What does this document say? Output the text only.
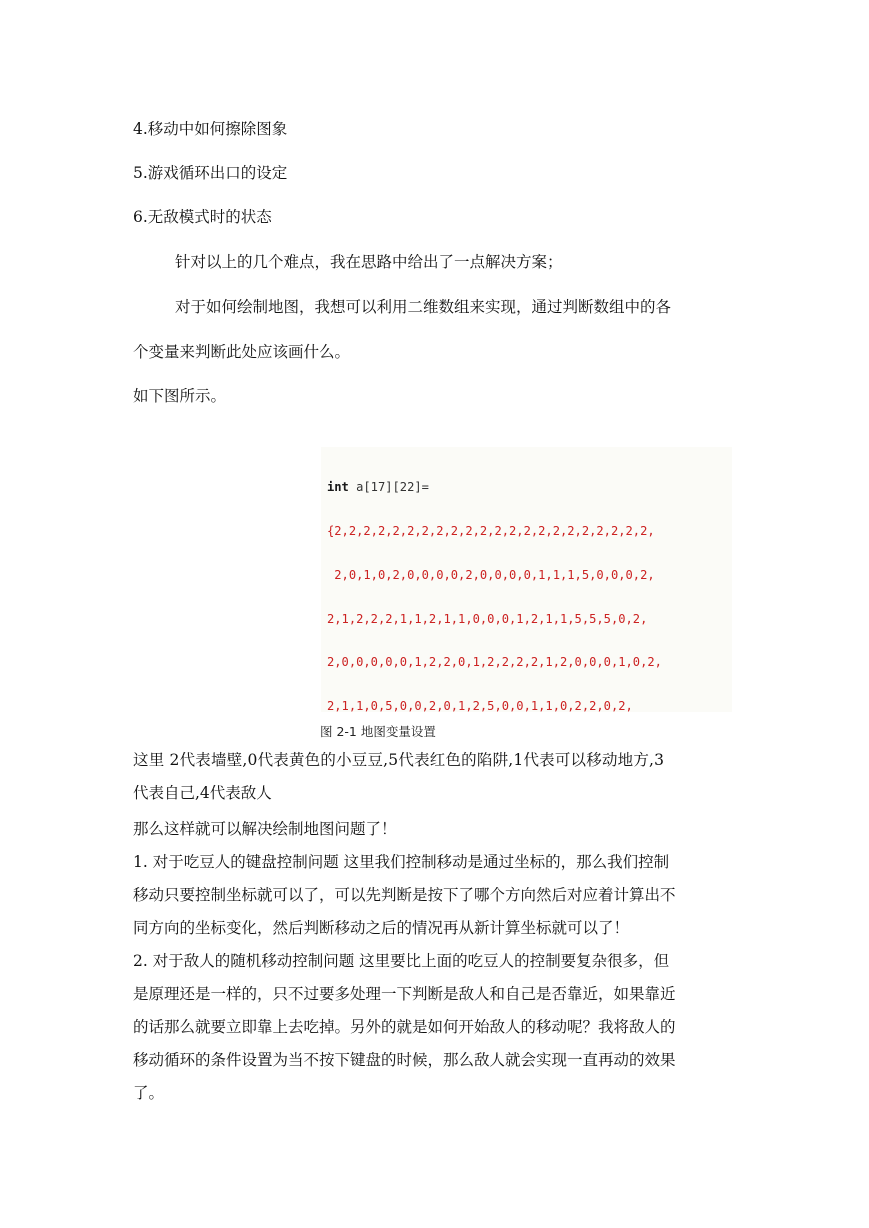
4.移动中如何擦除图象
5.游戏循环出口的设定
6.无敌模式时的状态
针对以上的几个难点，我在思路中给出了一点解决方案；
对于如何绘制地图，我想可以利用二维数组来实现，通过判断数组中的各
个变量来判断此处应该画什么。
如下图所示。

int a[17][22]=

{2,2,2,2,2,2,2,2,2,2,2,2,2,2,2,2,2,2,2,2,2,2,

2,0,1,0,2,0,0,0,0,2,0,0,0,0,1,1,1,5,0,0,0,2,

2,1,2,2,2,1,1,2,1,1,0,0,0,1,2,1,1,5,5,5,0,2,

2,0,0,0,0,0,1,2,2,0,1,2,2,2,2,1,2,0,0,0,1,0,2,

2,1,1,0,5,0,0,2,0,1,2,5,0,0,1,1,0,2,2,0,2,

图 2-1 地图变量设置
这里 2代表墙壁,0代表黄色的小豆豆,5代表红色的陷阱,1代表可以移动地方,3
代表自己,4代表敌人
那么这样就可以解决绘制地图问题了！
1. 对于吃豆人的键盘控制问题 这里我们控制移动是通过坐标的，那么我们控制
移动只要控制坐标就可以了，可以先判断是按下了哪个方向然后对应着计算出不
同方向的坐标变化，然后判断移动之后的情况再从新计算坐标就可以了！
2. 对于敌人的随机移动控制问题 这里要比上面的吃豆人的控制要复杂很多，但
是原理还是一样的，只不过要多处理一下判断是敌人和自己是否靠近，如果靠近
的话那么就要立即靠上去吃掉。另外的就是如何开始敌人的移动呢？我将敌人的
移动循环的条件设置为当不按下键盘的时候，那么敌人就会实现一直再动的效果
了。
